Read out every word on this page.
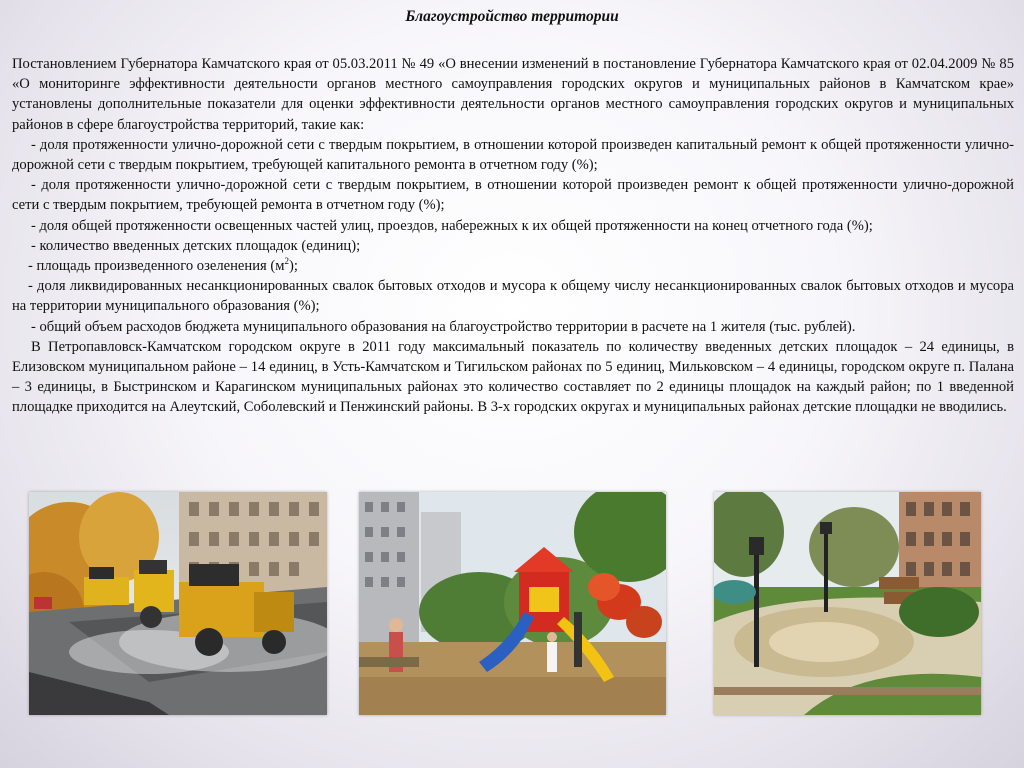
Благоустройство территории

Постановлением Губернатора Камчатского края от 05.03.2011 № 49 «О внесении изменений в постановление Губернатора Камчатского края от 02.04.2009 № 85 «О мониторинге эффективности деятельности органов местного самоуправления городских округов и муниципальных районов в Камчатском крае» установлены дополнительные показатели для оценки эффективности деятельности органов местного самоуправления городских округов и муниципальных районов в сфере благоустройства территорий, такие как:

- доля протяженности улично-дорожной сети с твердым покрытием, в отношении которой произведен капитальный ремонт к общей протяженности улично-дорожной сети с твердым покрытием, требующей капитального ремонта в отчетном году (%);

- доля протяженности улично-дорожной сети с твердым покрытием, в отношении которой произведен ремонт к общей протяженности улично-дорожной сети с твердым покрытием, требующей ремонта в отчетном году (%);

- доля общей протяженности освещенных частей улиц, проездов, набережных к их общей протяженности на конец отчетного года (%);

- количество введенных детских площадок (единиц);

- площадь произведенного озеленения $(м^2)$;

- доля ликвидированных несанкционированных свалок бытовых отходов и мусора к общему числу несанкционированных свалок бытовых отходов и мусора на территории муниципального образования (%);

- общий объем расходов бюджета муниципального образования на благоустройство территории в расчете на 1 жителя (тыс. рублей).

В Петропавловск-Камчатском городском округе в 2011 году максимальный показатель по количеству введенных детских площадок – 24 единицы, в Елизовском муниципальном районе – 14 единиц, в Усть-Камчатском и Тигильском районах по 5 единиц, Мильковском – 4 единицы, городском округе п. Палана – 3 единицы, в Быстринском и Карагинском муниципальных районах это количество составляет по 2 единицы площадок на каждый район; по 1 введенной площадке приходится на Алеутский, Соболевский и Пенжинский районы. В 3-х городских округах и муниципальных районах детские площадки не вводились.
